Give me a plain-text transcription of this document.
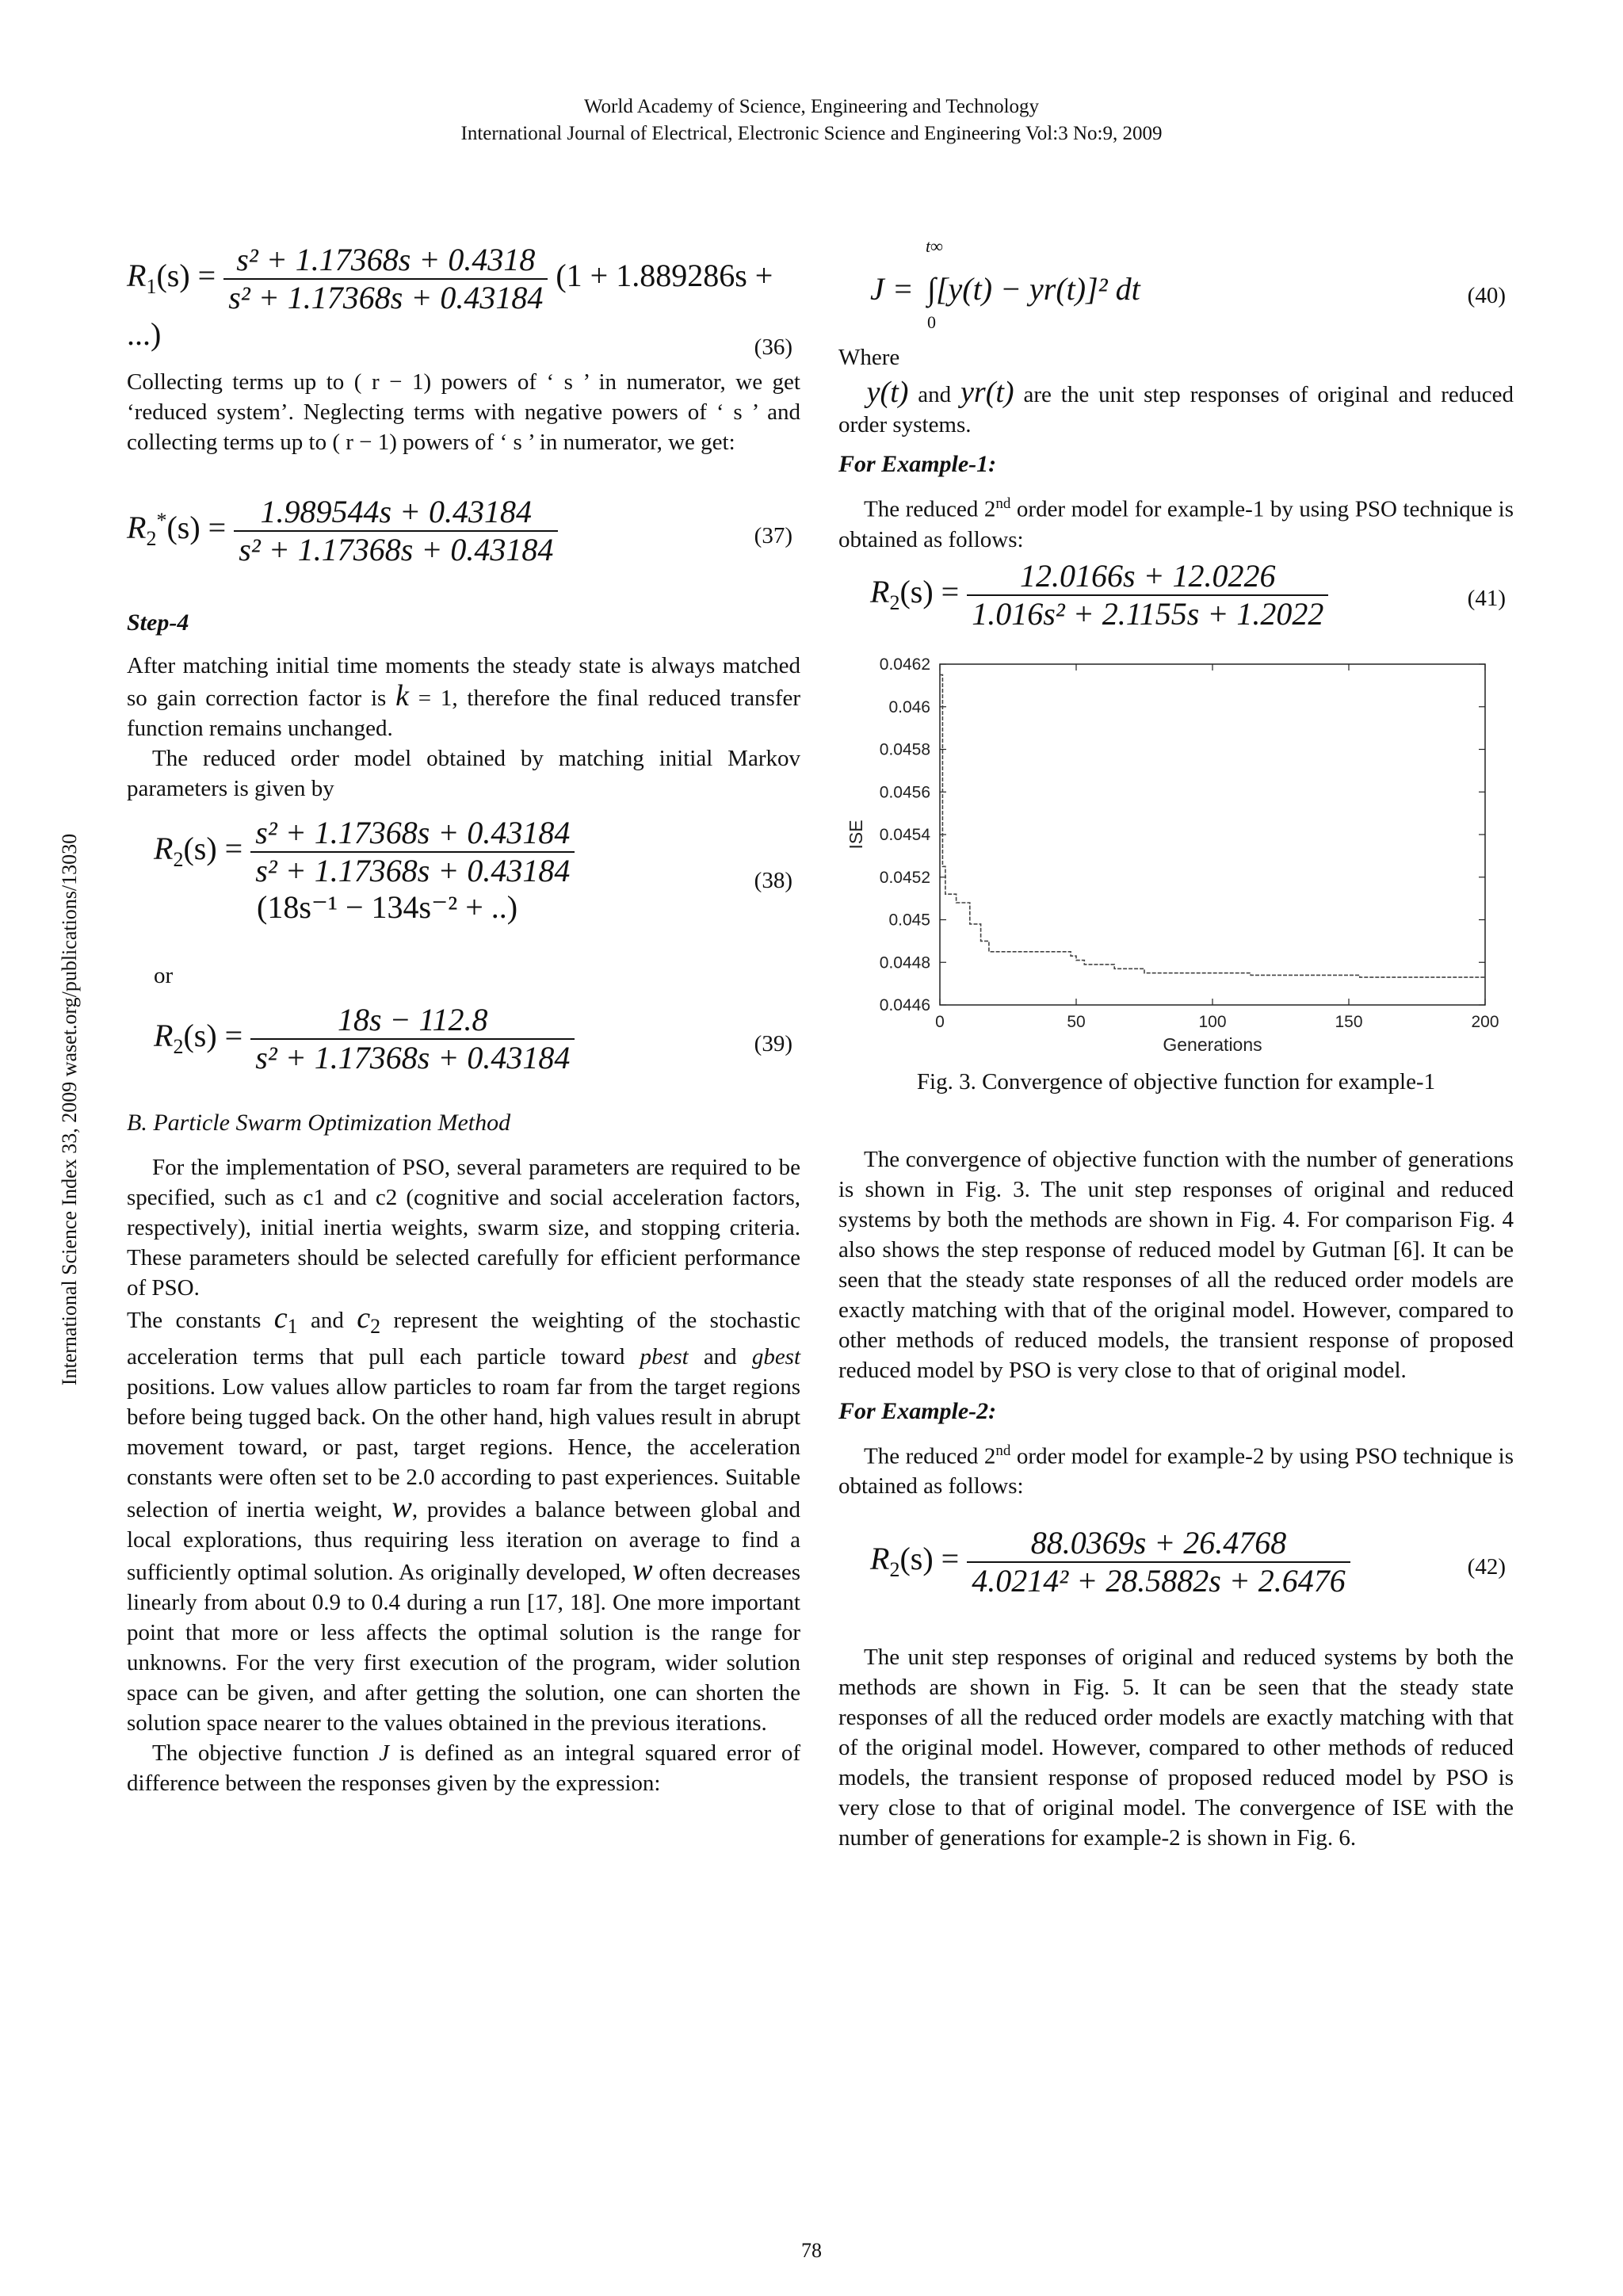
World Academy of Science, Engineering and Technology
International Journal of Electrical, Electronic Science and Engineering Vol:3 No:9, 2009
International Science Index 33, 2009 waset.org/publications/13030
$R_1(s) = \frac{\text{s² + 1.17368s + 0.4318}}{\text{s² + 1.17368s + 0.43184}} (1 + 1.889286s$ + ...)	(36)

Collecting terms up to ( r − 1) powers of ‘ s ’ in numerator, we get ‘reduced system’. Neglecting terms with negative powers of ‘ s ’ and collecting terms up to ( r − 1) powers of ‘ s ’ in numerator, we get:

$R_2^*(s) = \frac{1.989544s + 0.43184}{\text{s² + 1.17368s + 0.43184}}$	(37)

Step-4

After matching initial time moments the steady state is always matched so gain correction factor is k = 1, therefore the final reduced transfer function remains unchanged.

The reduced order model obtained by matching initial Markov parameters is given by

$R_2(s) = \frac{\text{s² + 1.17368s + 0.43184}}{\text{s² + 1.17368s + 0.43184}}$
(18s⁻¹ − 134s⁻² + ..)
(38)

or

$R_2(s) = \frac{18s - 112.8}{\text{s² + 1.17368s + 0.43184}}$	(39)

B. Particle Swarm Optimization Method

For the implementation of PSO, several parameters are required to be specified, such as c1 and c2 (cognitive and social acceleration factors, respectively), initial inertia weights, swarm size, and stopping criteria. These parameters should be selected carefully for efficient performance of PSO.

The constants c1 and c2 represent the weighting of the stochastic acceleration terms that pull each particle toward pbest and gbest positions. Low values allow particles to roam far from the target regions before being tugged back. On the other hand, high values result in abrupt movement toward, or past, target regions. Hence, the acceleration constants were often set to be 2.0 according to past experiences. Suitable selection of inertia weight, w, provides a balance between global and local explorations, thus requiring less iteration on average to find a sufficiently optimal solution. As originally developed, w often decreases linearly from about 0.9 to 0.4 during a run [17, 18]. One more important point that more or less affects the optimal solution is the range for unknowns. For the very first execution of the program, wider solution space can be given, and after getting the solution, one can shorten the solution space nearer to the values obtained in the previous iterations.

The objective function J is defined as an integral squared error of difference between the responses given by the expression:

J =
t∞
0
∫[y(t) − yr(t)]² dt	(40)

Where

y(t) and yr(t) are the unit step responses of original and reduced order systems.

For Example-1:

The reduced 2nd order model for example-1 by using PSO technique is obtained as follows:

$R_2(s) = \frac{12.0166s + 12.0226}{\text{1.016s² + 2.1155s + 1.2022}}$	(41)
0.0446
0.0448
0.045
0.0452
0.0454
0.0456
0.0458
0.046
0.0462
0	50	100	150	200
Generations
ISE

Fig. 3. Convergence of objective function for example-1

The convergence of objective function with the number of generations is shown in Fig. 3. The unit step responses of original and reduced systems by both the methods are shown in Fig. 4. For comparison Fig. 4 also shows the step response of reduced model by Gutman [6]. It can be seen that the steady state responses of all the reduced order models are exactly matching with that of the original model. However, compared to other methods of reduced models, the transient response of proposed reduced model by PSO is very close to that of original model.

For Example-2:

The reduced 2nd order model for example-2 by using PSO technique is obtained as follows:

$R_2(s) = \frac{88.0369s + 26.4768}{\text{4.0214² + 28.5882s + 2.6476}}$	(42)

The unit step responses of original and reduced systems by both the methods are shown in Fig. 5. It can be seen that the steady state responses of all the reduced order models are exactly matching with that of the original model. However, compared to other methods of reduced models, the transient response of proposed reduced model by PSO is very close to that of original model. The convergence of ISE with the number of generations for example-2 is shown in Fig. 6.

78
